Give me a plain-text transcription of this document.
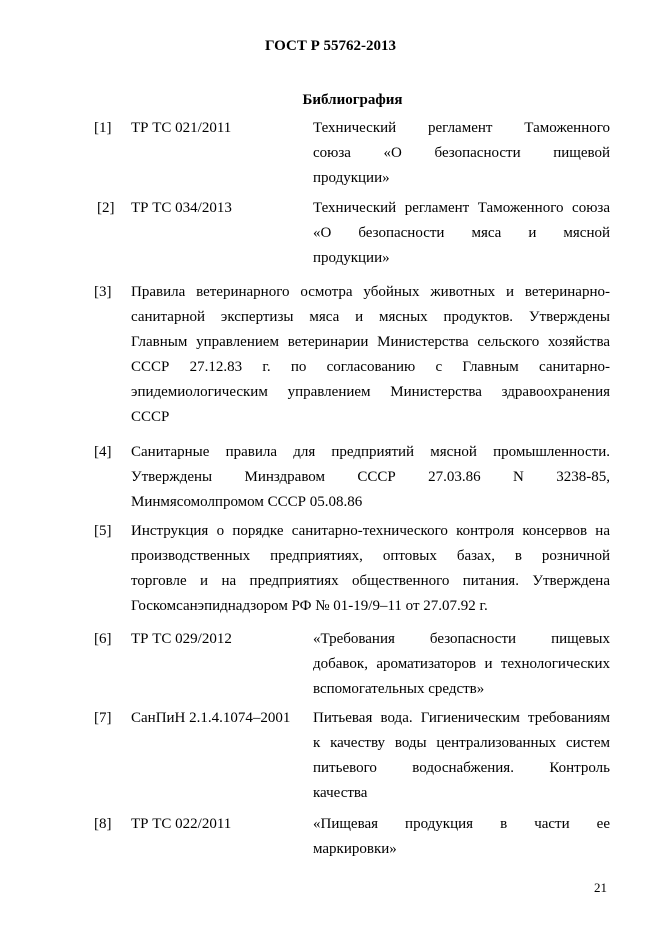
ГОСТ Р 55762-2013
Библиография
[1] ТР ТС 021/2011	Технический регламент Таможенного
союза «О безопасности пищевой
продукции»
[2] ТР ТС 034/2013	Технический регламент Таможенного союза
«О безопасности мяса и мясной
продукции»
[3] Правила ветеринарного осмотра убойных животных и ветеринарно-
санитарной экспертизы мяса и мясных продуктов. Утверждены
Главным управлением ветеринарии Министерства сельского хозяйства
СССР 27.12.83 г. по согласованию с Главным санитарно-
эпидемиологическим управлением Министерства здравоохранения
СССР
[4] Санитарные правила для предприятий мясной промышленности.
Утверждены Минздравом СССР 27.03.86 N 3238-85,
Минмясомолпромом СССР 05.08.86
[5] Инструкция о порядке санитарно-технического контроля консервов на
производственных предприятиях, оптовых базах, в розничной
торговле и на предприятиях общественного питания. Утверждена
Госкомсанэпиднадзором РФ № 01-19/9–11 от 27.07.92 г.
[6] ТР ТС 029/2012	«Требования безопасности пищевых
добавок, ароматизаторов и технологических
вспомогательных средств»
[7] СанПиН 2.1.4.1074–2001 Питьевая вода. Гигиеническим требованиям
к качеству воды централизованных систем
питьевого водоснабжения. Контроль
качества
[8] ТР ТС 022/2011	«Пищевая продукция в части ее
маркировки»
21
